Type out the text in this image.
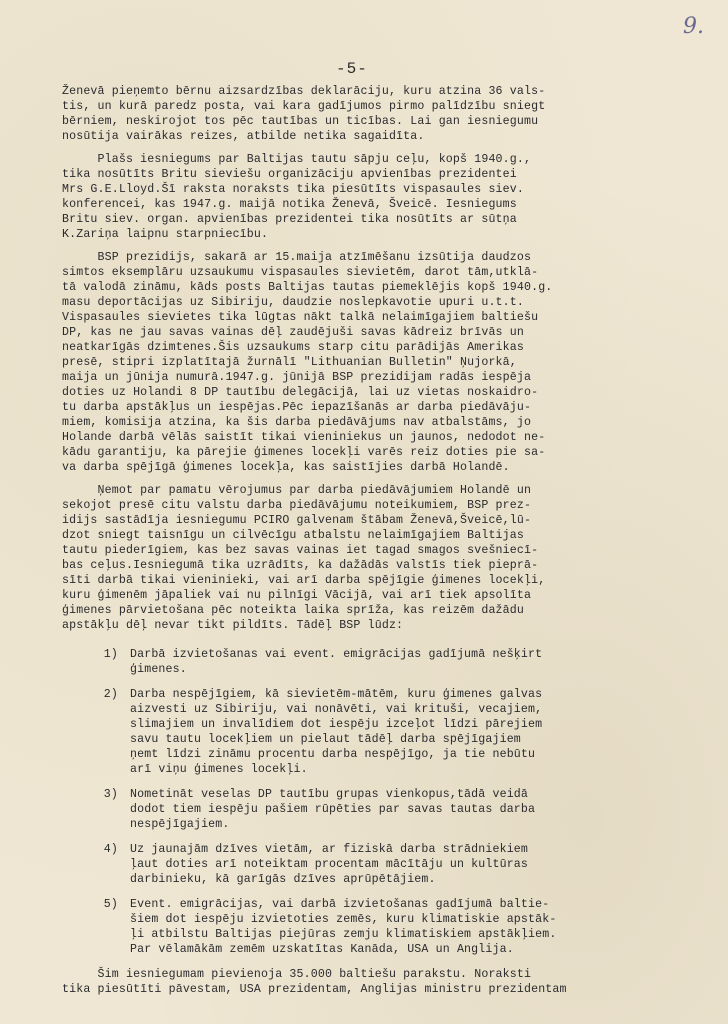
9.
-5-
Ženevā pieņemto bērnu aizsardzības deklarāciju, kuru atzina 36 vals-
tis, un kurā paredz posta, vai kara gadījumos pirmo palīdzību sniegt
bērniem, neskirojot tos pēc tautības un ticības. Lai gan iesniegumu
nosūtija vairākas reizes, atbilde netika sagaidīta.
Plašs iesniegums par Baltijas tautu sāpju ceļu, kopš 1940.g.,
tika nosūtīts Britu sieviešu organizāciju apvienības prezidentei
Mrs G.E.Lloyd.Šī raksta noraksts tika piesūtīts vispasaules siev.
konferencei, kas 1947.g. maijā notika Ženevā, Šveicē. Iesniegums
Britu siev. organ. apvienības prezidentei tika nosūtīts ar sūtņa
K.Zariņa laipnu starpniecību.
BSP prezidijs, sakarā ar 15.maija atzīmēšanu izsūtija daudzos
simtos eksemplāru uzsaukumu vispasaules sievietēm, darot tām,utklā-
tā valodā zināmu, kāds posts Baltijas tautas piemeklējis kopš 1940.g.
masu deportācijas uz Sibiriju, daudzie noslepkavotie upuri u.t.t.
Vispasaules sievietes tika lūgtas nākt talkā nelaimīgajiem baltiešu
DP, kas ne jau savas vainas dēļ zaudējuši savas kādreiz brīvās un
neatkarīgās dzimtenes.Šis uzsaukums starp citu parādijās Amerikas
presē, stipri izplatītajā žurnālī "Lithuanian Bulletin" Ņujorkā,
maija un jūnija numurā.1947.g. jūnijā BSP prezidijam radās iespēja
doties uz Holandi 8 DP tautību delegācijā, lai uz vietas noskaidro-
tu darba apstākļus un iespējas.Pēc iepazīšanās ar darba piedāvāju-
miem, komisija atzina, ka šis darba piedāvājums nav atbalstāms, jo
Holande darbā vēlās saistīt tikai vieniniekus un jaunos, nedodot ne-
kādu garantiju, ka pārejie ģimenes locekļi varēs reiz doties pie sa-
va darba spējīgā ģimenes locekļa, kas saistījies darbā Holandē.
Ņemot par pamatu vērojumus par darba piedāvājumiem Holandē un
sekojot presē citu valstu darba piedāvājumu noteikumiem, BSP prez-
idijs sastādīja iesniegumu PCIRO galvenam štābam Ženevā,Šveicē,lū-
dzot sniegt taisnīgu un cilvēcīgu atbalstu nelaimīgajiem Baltijas
tautu piederīgiem, kas bez savas vainas iet tagad smagos svešniecī-
bas ceļus.Iesniegumā tika uzrādīts, ka dažādās valstīs tiek pieprā-
sīti darbā tikai vieninieki, vai arī darba spējīgie ģimenes locekļi,
kuru ģimenēm jāpaliek vai nu pilnīgi Vācijā, vai arī tiek apsolīta
ģimenes pārvietošana pēc noteikta laika sprīža, kas reizēm dažādu
apstākļu dēļ nevar tikt pildīts. Tādēļ BSP lūdz:
1)	Darbā izvietošanas vai event. emigrācijas gadījumā nešķirt
ģimenes.
2)	Darba nespējīgiem, kā sievietēm-mātēm, kuru ģimenes galvas
aizvesti uz Sibiriju, vai nonāvēti, vai krituši, vecajiem,
slimajiem un invalīdiem dot iespēju izceļot līdzi pārejiem
savu tautu locekļiem un pielaut tādēļ darba spējīgajiem
ņemt līdzi zināmu procentu darba nespējīgo, ja tie nebūtu
arī viņu ģimenes locekļi.
3)	Nometināt veselas DP tautību grupas vienkopus,tādā veidā
dodot tiem iespēju pašiem rūpēties par savas tautas darba
nespējīgajiem.
4)	Uz jaunajām dzīves vietām, ar fiziskā darba strādniekiem
ļaut doties arī noteiktam procentam mācītāju un kultūras
darbinieku, kā garīgās dzīves aprūpētājiem.
5)	Event. emigrācijas, vai darbā izvietošanas gadījumā baltie-
šiem dot iespēju izvietoties zemēs, kuru klimatiskie apstāk-
ļi atbilstu Baltijas piejūras zemju klimatiskiem apstākļiem.
Par vēlamākām zemēm uzskatītas Kanāda, USA un Anglija.
Šim iesniegumam pievienoja 35.000 baltiešu parakstu. Noraksti
tika piesūtīti pāvestam, USA prezidentam, Anglijas ministru prezidentam
